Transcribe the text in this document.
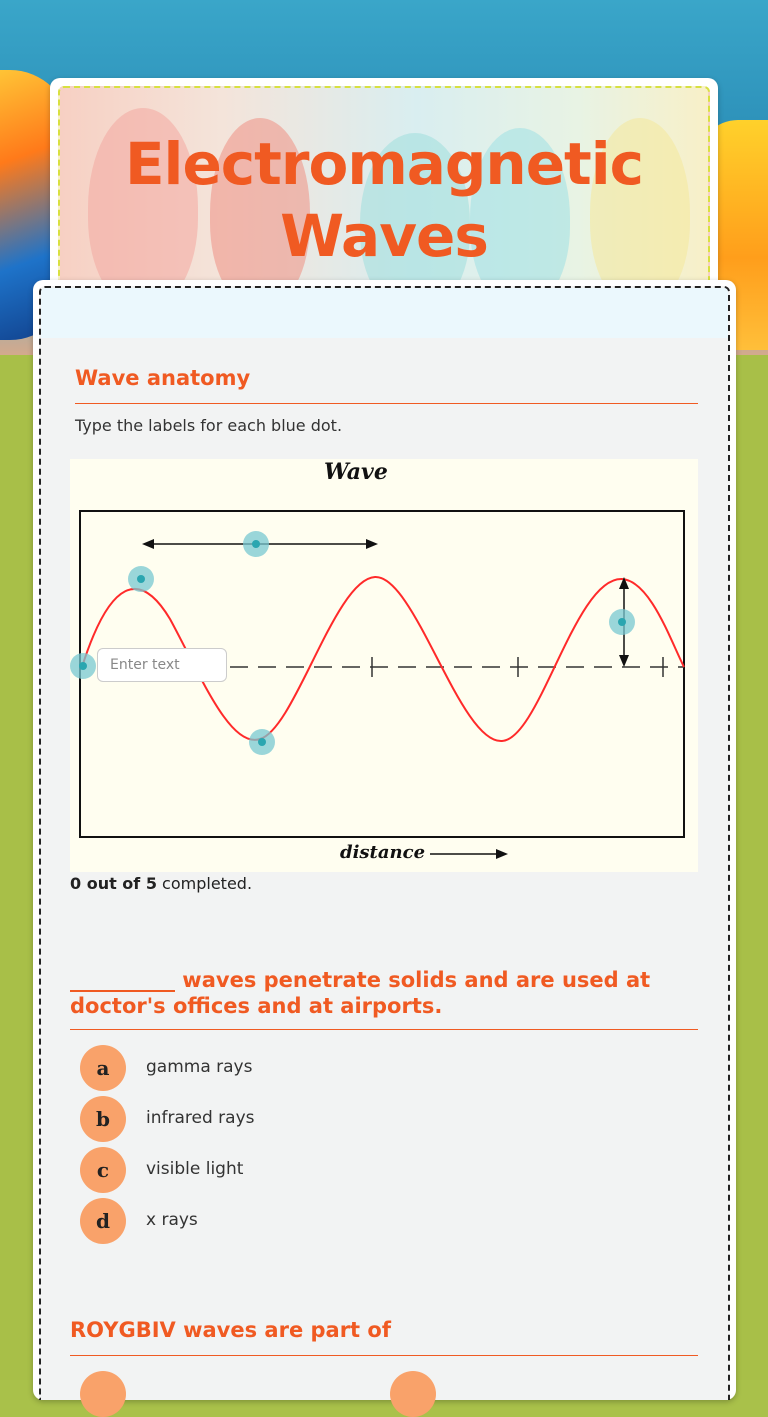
Electromagnetic Waves
Wave anatomy
Type the labels for each blue dot.
Wave
distance
Enter text
0 out of 5 completed.
__________ waves penetrate solids and are used at doctor's offices and at airports.
a	gamma rays
b	infrared rays
c	visible light
d	x rays
ROYGBIV waves are part of
